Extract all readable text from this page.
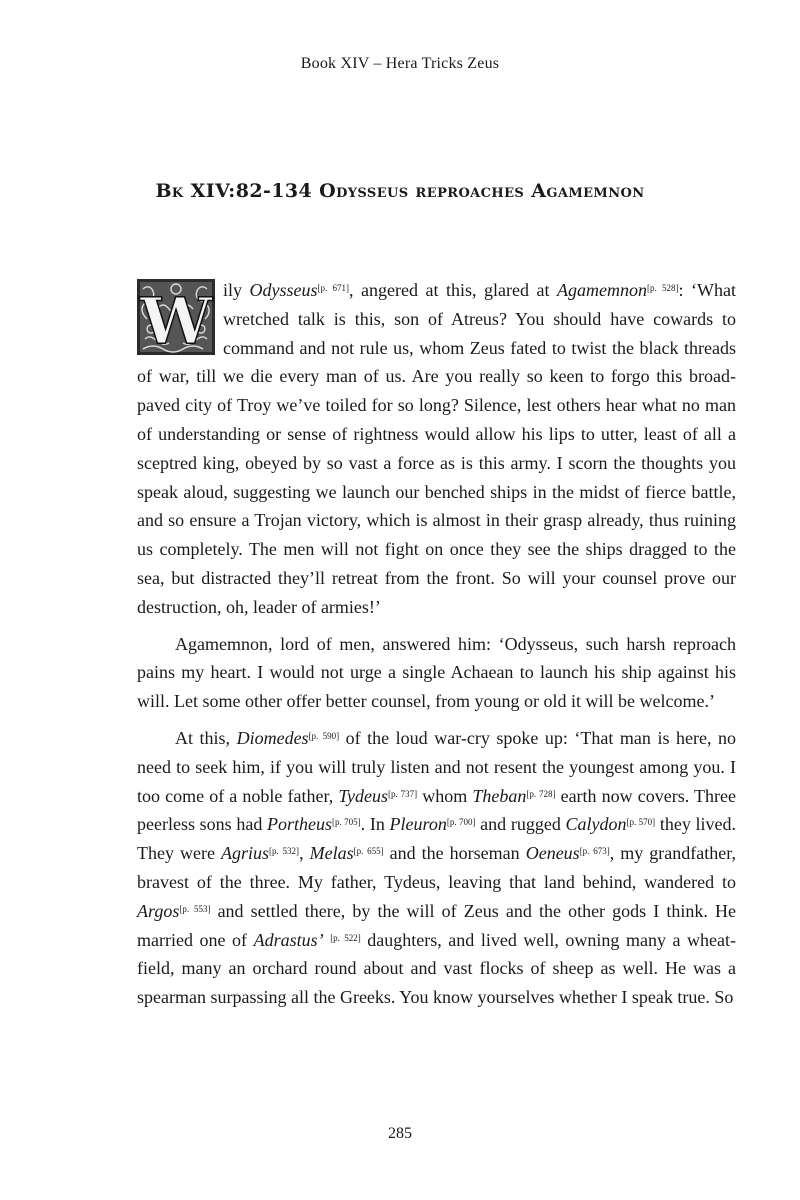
Book XIV – Hera Tricks Zeus
Bk XIV:82-134 Odysseus reproaches Agamemnon

W ily Odysseus[p. 671], angered at this, glared at Agamemnon[p. 528]: ‘What wretched talk is this, son of Atreus? You should have cowards to command and not rule us, whom Zeus fated to twist the black threads of war, till we die every man of us. Are you really so keen to forgo this broad-paved city of Troy we’ve toiled for so long? Silence, lest others hear what no man of understanding or sense of rightness would allow his lips to utter, least of all a sceptred king, obeyed by so vast a force as is this army. I scorn the thoughts you speak aloud, suggesting we launch our benched ships in the midst of fierce battle, and so ensure a Trojan victory, which is almost in their grasp already, thus ruining us completely. The men will not fight on once they see the ships dragged to the sea, but distracted they’ll retreat from the front. So will your counsel prove our destruction, oh, leader of armies!’

Agamemnon, lord of men, answered him: ‘Odysseus, such harsh reproach pains my heart. I would not urge a single Achaean to launch his ship against his will. Let some other offer better counsel, from young or old it will be welcome.’

At this, Diomedes[p. 590] of the loud war-cry spoke up: ‘That man is here, no need to seek him, if you will truly listen and not resent the youngest among you. I too come of a noble father, Tydeus[p. 737] whom Theban[p. 728] earth now covers. Three peerless sons had Portheus[p. 705]. In Pleuron[p. 700] and rugged Calydon[p. 570] they lived. They were Agrius[p. 532], Melas[p. 655] and the horseman Oeneus[p. 673], my grandfather, bravest of the three. My father, Tydeus, leaving that land behind, wandered to Argos[p. 553] and settled there, by the will of Zeus and the other gods I think. He married one of Adrastus’ [p. 522] daughters, and lived well, owning many a wheat-field, many an orchard round about and vast flocks of sheep as well. He was a spearman surpassing all the Greeks. You know yourselves whether I speak true. So

285
